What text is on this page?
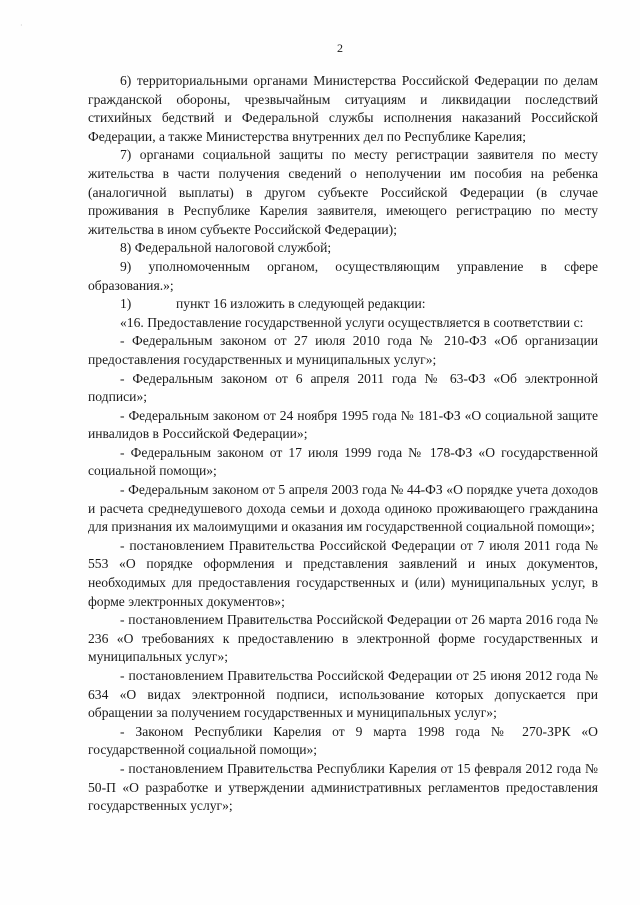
·
2

6) территориальными органами Министерства Российской Федерации по делам гражданской обороны, чрезвычайным ситуациям и ликвидации последствий стихийных бедствий и Федеральной службы исполнения наказаний Российской Федерации, а также Министерства внутренних дел по Республике Карелия;

7) органами социальной защиты по месту регистрации заявителя по месту жительства в части получения сведений о неполучении им пособия на ребенка (аналогичной выплаты) в другом субъекте Российской Федерации (в случае проживания в Республике Карелия заявителя, имеющего регистрацию по месту жительства в ином субъекте Российской Федерации);

8) Федеральной налоговой службой;

9) уполномоченным органом, осуществляющим управление в сфере образования.»;

1)	пункт 16 изложить в следующей редакции:

«16. Предоставление государственной услуги осуществляется в соответствии с:

- Федеральным законом от 27 июля 2010 года № 210-ФЗ «Об организации предоставления государственных и муниципальных услуг»;

- Федеральным законом от 6 апреля 2011 года № 63-ФЗ «Об электронной подписи»;

- Федеральным законом от 24 ноября 1995 года № 181-ФЗ «О социальной защите инвалидов в Российской Федерации»;

- Федеральным законом от 17 июля 1999 года № 178-ФЗ «О государственной социальной помощи»;

- Федеральным законом от 5 апреля 2003 года № 44-ФЗ «О порядке учета доходов и расчета среднедушевого дохода семьи и дохода одиноко проживающего гражданина для признания их малоимущими и оказания им государственной социальной помощи»;

- постановлением Правительства Российской Федерации от 7 июля 2011 года № 553 «О порядке оформления и представления заявлений и иных документов, необходимых для предоставления государственных и (или) муниципальных услуг, в форме электронных документов»;

- постановлением Правительства Российской Федерации от 26 марта 2016 года № 236 «О требованиях к предоставлению в электронной форме государственных и муниципальных услуг»;

- постановлением Правительства Российской Федерации от 25 июня 2012 года № 634 «О видах электронной подписи, использование которых допускается при обращении за получением государственных и муниципальных услуг»;

- Законом Республики Карелия от 9 марта 1998 года № 270-ЗРК «О государственной социальной помощи»;

- постановлением Правительства Республики Карелия от 15 февраля 2012 года № 50-П «О разработке и утверждении административных регламентов предоставления государственных услуг»;
